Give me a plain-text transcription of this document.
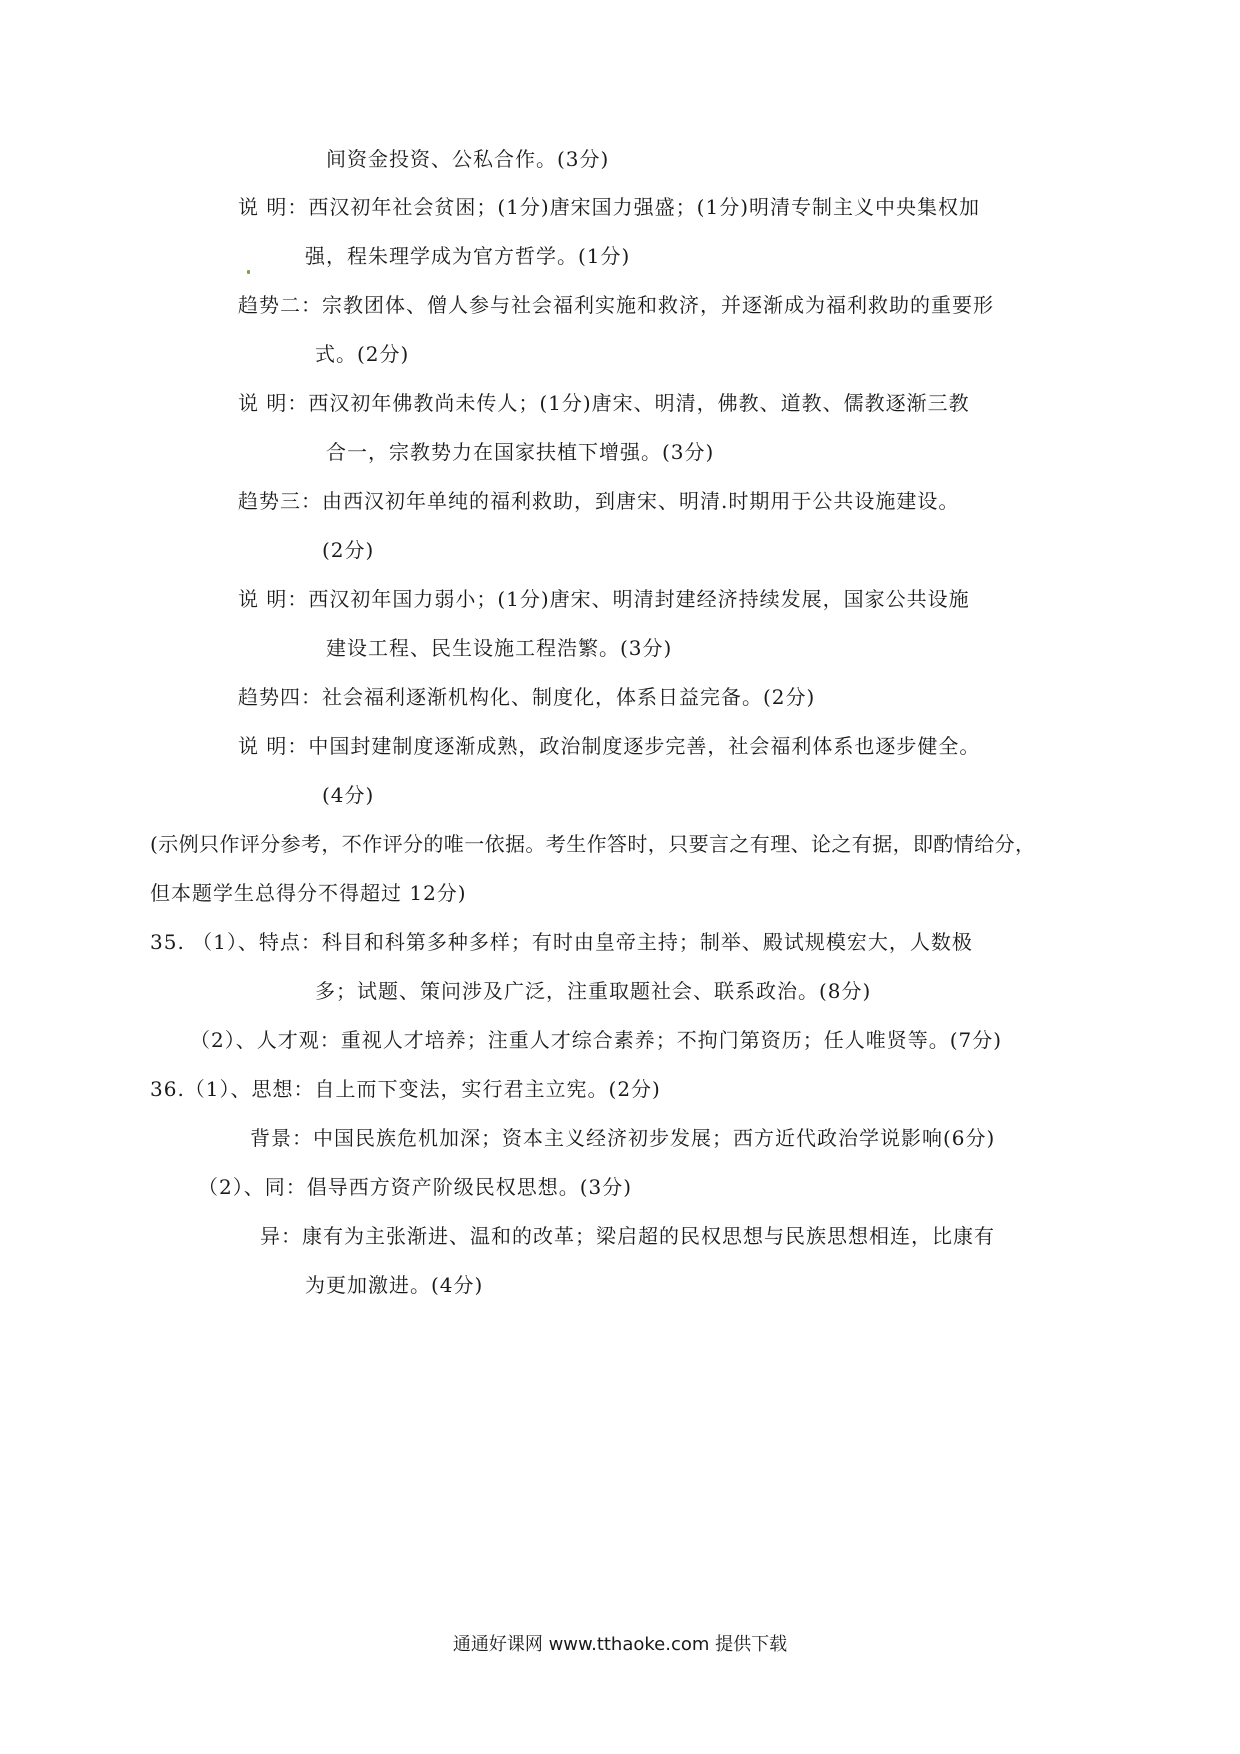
间资金投资、公私合作。(3分)
说 明：西汉初年社会贫困；(1分)唐宋国力强盛；(1分)明清专制主义中央集权加
强，程朱理学成为官方哲学。(1分)
趋势二：宗教团体、僧人参与社会福利实施和救济，并逐渐成为福利救助的重要形
式。(2分)
说 明：西汉初年佛教尚未传人；(1分)唐宋、明清，佛教、道教、儒教逐渐三教
合一，宗教势力在国家扶植下增强。(3分)
趋势三：由西汉初年单纯的福利救助，到唐宋、明清.时期用于公共设施建设。
(2分)
说 明：西汉初年国力弱小；(1分)唐宋、明清封建经济持续发展，国家公共设施
建设工程、民生设施工程浩繁。(3分)
趋势四：社会福利逐渐机构化、制度化，体系日益完备。(2分)
说 明：中国封建制度逐渐成熟，政治制度逐步完善，社会福利体系也逐步健全。
(4分)
(示例只作评分参考，不作评分的唯一依据。考生作答时，只要言之有理、论之有据，即酌情给分，
但本题学生总得分不得超过 12分)
35. （1）、特点：科目和科第多种多样；有时由皇帝主持；制举、殿试规模宏大，人数极
多；试题、策问涉及广泛，注重取题社会、联系政治。(8分)
（2）、人才观：重视人才培养；注重人才综合素养；不拘门第资历；任人唯贤等。(7分)
36.（1）、思想：自上而下变法，实行君主立宪。(2分)
背景：中国民族危机加深；资本主义经济初步发展；西方近代政治学说影响(6分)
（2）、同：倡导西方资产阶级民权思想。(3分)
异：康有为主张渐进、温和的改革；梁启超的民权思想与民族思想相连，比康有
为更加激进。(4分)
通通好课网 www.tthaoke.com 提供下载
